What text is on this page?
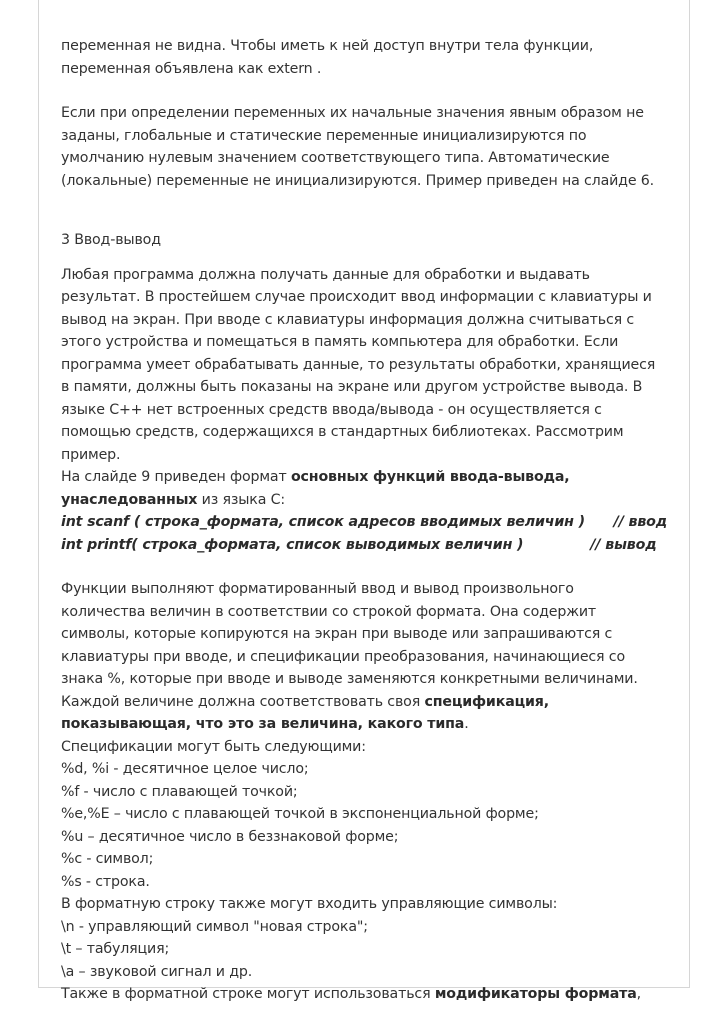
переменная не видна. Чтобы иметь к ней доступ внутри тела функции,
переменная объявлена как extern .

Если при определении переменных их начальные значения явным образом не
заданы, глобальные и статические переменные инициализируются по
умолчанию нулевым значением соответствующего типа. Автоматические
(локальные) переменные не инициализируются. Пример приведен на слайде 6.

3 Ввод-вывод

Любая программа должна получать данные для обработки и выдавать
результат. В простейшем случае происходит ввод информации с клавиатуры и
вывод на экран. При вводе с клавиатуры информация должна считываться с
этого устройства и помещаться в память компьютера для обработки. Если
программа умеет обрабатывать данные, то результаты обработки, хранящиеся
в памяти, должны быть показаны на экране или другом устройстве вывода. В
языке С++ нет встроенных средств ввода/вывода - он осуществляется с
помощью средств, содержащихся в стандартных библиотеках. Рассмотрим
пример.

На слайде 9 приведен формат основных функций ввода-вывода,
унаследованных из языка С:
int scanf ( строка_формата, список адресов вводимых величин )      // ввод
int printf( строка_формата, список выводимых величин )              // вывод

Функции выполняют форматированный ввод и вывод произвольного
количества величин в соответствии со строкой формата. Она содержит
символы, которые копируются на экран при выводе или запрашиваются с
клавиатуры при вводе, и спецификации преобразования, начинающиеся со
знака %, которые при вводе и выводе заменяются конкретными величинами.
Каждой величине должна соответствовать своя спецификация,
показывающая, что это за величина, какого типа.
Спецификации могут быть следующими:
%d, %i - десятичное целое число;
%f - число с плавающей точкой;
%e,%E – число с плавающей точкой в экспоненциальной форме;
%u – десятичное число в беззнаковой форме;
%c - символ;
%s - строка.
В форматную строку также могут входить управляющие символы:
\n - управляющий символ "новая строка";
\t – табуляция;
\a – звуковой сигнал и др.
Также в форматной строке могут использоваться модификаторы формата,
